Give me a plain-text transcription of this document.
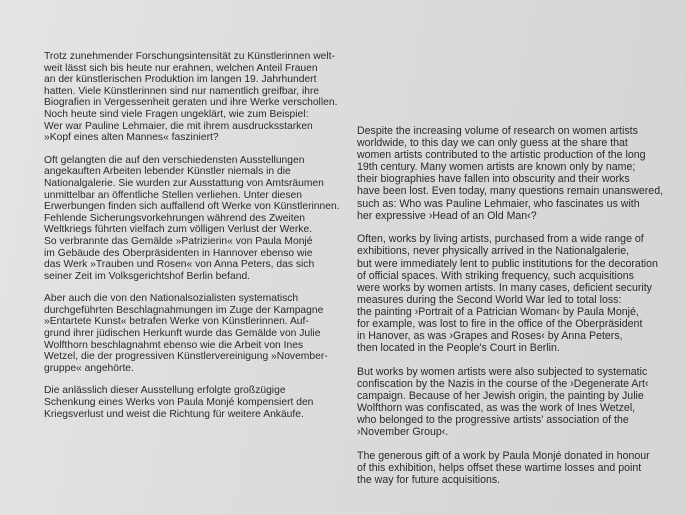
Trotz zunehmender Forschungsintensität zu Künstlerinnen welt-
weit lässt sich bis heute nur erahnen, welchen Anteil Frauen
an der künstlerischen Produktion im langen 19. Jahrhundert
hatten. Viele Künstlerinnen sind nur namentlich greifbar, ihre
Biografien in Vergessenheit geraten und ihre Werke verschollen.
Noch heute sind viele Fragen ungeklärt, wie zum Beispiel:
Wer war Pauline Lehmaier, die mit ihrem ausdrucksstarken
»Kopf eines alten Mannes« fasziniert?
Oft gelangten die auf den verschiedensten Ausstellungen
angekauften Arbeiten lebender Künstler niemals in die
Nationalgalerie. Sie wurden zur Ausstattung von Amtsräumen
unmittelbar an öffentliche Stellen verliehen. Unter diesen
Erwerbungen finden sich auffallend oft Werke von Künstlerinnen.
Fehlende Sicherungsvorkehrungen während des Zweiten
Weltkriegs führten vielfach zum völligen Verlust der Werke.
So verbrannte das Gemälde »Patrizierin« von Paula Monjé
im Gebäude des Oberpräsidenten in Hannover ebenso wie
das Werk »Trauben und Rosen« von Anna Peters, das sich
seiner Zeit im Volksgerichtshof Berlin befand.
Aber auch die von den Nationalsozialisten systematisch
durchgeführten Beschlagnahmungen im Zuge der Kampagne
»Entartete Kunst« betrafen Werke von Künstlerinnen. Auf-
grund ihrer jüdischen Herkunft wurde das Gemälde von Julie
Wolfthorn beschlagnahmt ebenso wie die Arbeit von Ines
Wetzel, die der progressiven Künstlervereinigung »November-
gruppe« angehörte.
Die anlässlich dieser Ausstellung erfolgte großzügige
Schenkung eines Werks von Paula Monjé kompensiert den
Kriegsverlust und weist die Richtung für weitere Ankäufe.
Despite the increasing volume of research on women artists
worldwide, to this day we can only guess at the share that
women artists contributed to the artistic production of the long
19th century. Many women artists are known only by name;
their biographies have fallen into obscurity and their works
have been lost. Even today, many questions remain unanswered,
such as: Who was Pauline Lehmaier, who fascinates us with
her expressive ›Head of an Old Man‹?
Often, works by living artists, purchased from a wide range of
exhibitions, never physically arrived in the Nationalgalerie,
but were immediately lent to public institutions for the decoration
of official spaces. With striking frequency, such acquisitions
were works by women artists. In many cases, deficient security
measures during the Second World War led to total loss:
the painting ›Portrait of a Patrician Woman‹ by Paula Monjé,
for example, was lost to fire in the office of the Oberpräsident
in Hanover, as was ›Grapes and Roses‹ by Anna Peters,
then located in the People's Court in Berlin.
But works by women artists were also subjected to systematic
confiscation by the Nazis in the course of the ›Degenerate Art‹
campaign. Because of her Jewish origin, the painting by Julie
Wolfthorn was confiscated, as was the work of Ines Wetzel,
who belonged to the progressive artists' association of the
›November Group‹.
The generous gift of a work by Paula Monjé donated in honour
of this exhibition, helps offset these wartime losses and point
the way for future acquisitions.
